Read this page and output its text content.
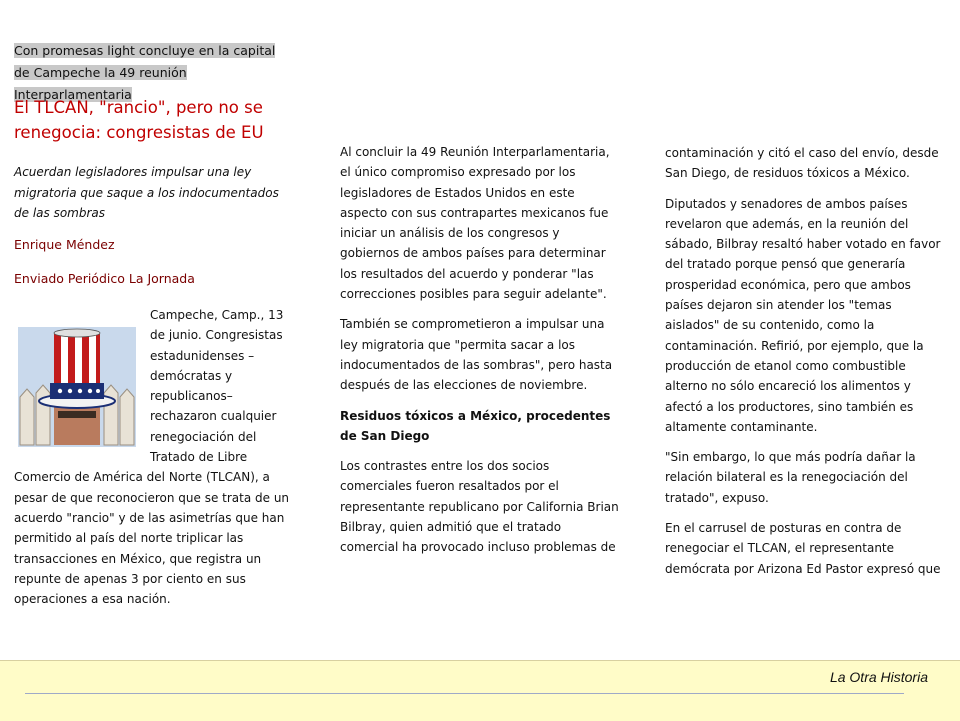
Con promesas light concluye en la capital de Campeche la 49 reunión Interparlamentaria
El TLCAN, "rancio", pero no se renegocia: congresistas de EU
Acuerdan legisladores impulsar una ley migratoria que saque a los indocumentados de las sombras
Enrique Méndez
Enviado Periódico La Jornada

Campeche, Camp., 13 de junio. Congresistas estadunidenses – demócratas y republicanos– rechazaron cualquier renegociación del Tratado de Libre Comercio de América del Norte (TLCAN), a pesar de que reconocieron que se trata de un acuerdo "rancio" y de las asimetrías que han permitido al país del norte triplicar las transacciones en México, que registra un repunte de apenas 3 por ciento en sus operaciones a esa nación.

Al concluir la 49 Reunión Interparlamentaria, el único compromiso expresado por los legisladores de Estados Unidos en este aspecto con sus contrapartes mexicanos fue iniciar un análisis de los congresos y gobiernos de ambos países para determinar los resultados del acuerdo y ponderar "las correcciones posibles para seguir adelante".

También se comprometieron a impulsar una ley migratoria que "permita sacar a los indocumentados de las sombras", pero hasta después de las elecciones de noviembre.

Residuos tóxicos a México, procedentes de San Diego

Los contrastes entre los dos socios comerciales fueron resaltados por el representante republicano por California Brian Bilbray, quien admitió que el tratado comercial ha provocado incluso problemas de

contaminación y citó el caso del envío, desde San Diego, de residuos tóxicos a México.

Diputados y senadores de ambos países revelaron que además, en la reunión del sábado, Bilbray resaltó haber votado en favor del tratado porque pensó que generaría prosperidad económica, pero que ambos países dejaron sin atender los "temas aislados" de su contenido, como la contaminación. Refirió, por ejemplo, que la producción de etanol como combustible alterno no sólo encareció los alimentos y afectó a los productores, sino también es altamente contaminante.

"Sin embargo, lo que más podría dañar la relación bilateral es la renegociación del tratado", expuso.

En el carrusel de posturas en contra de renegociar el TLCAN, el representante demócrata por Arizona Ed Pastor expresó que

La Otra Historia
